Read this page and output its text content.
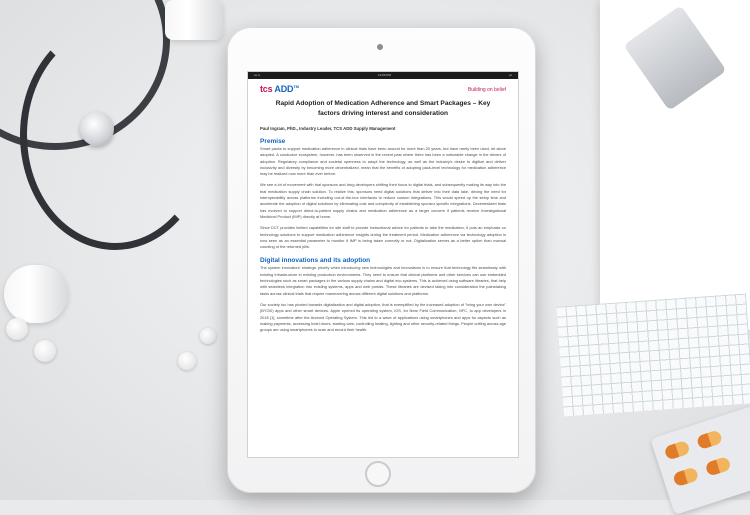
▪▪▪ ▪▪	12:00 PM	▪▪▪
tcs ADD™
Building on belief
Rapid Adoption of Medication Adherence and Smart Packages – Key factors driving interest and consideration
Paul Ingram, PhD., Industry Leader, TCS ADD Supply Management
Premise

Smart packs to support medication adherence in clinical trials have been around for more than 20 years, but have rarely been used, let alone adopted. A conducive ecosystem, however, has been observed in the recent past where there has been a noticeable change in the drivers of adoption. Regulatory compliance and societal openness to adopt the technology, as well as the industry's desire to digitize and deliver inclusivity and diversity by becoming more decentralized, mean that the benefits of adopting pack-level technology for medication adherence may be realized now more than ever before.

We see a lot of movement with trial sponsors and drug developers shifting their focus to digital trials, and subsequently making its way into the trial medication supply chain solution. To realize this, sponsors need digital solutions that deliver into their data lake, driving the need for interoperability across platforms including out-of-the-box interfaces to reduce custom integrations. This would speed up the setup time and accelerate the adoption of digital solutions by eliminating cost and complexity of establishing sponsor specific integrations. Decentralized trials has evolved to support direct-to-patient supply chains and medication adherence as a larger concern if patients receive Investigational Medicinal Product (IMP) directly at home.

Since DCT provides limited capabilities for site staff to provide instructional advice for patients to take the medication, it puts an emphasis on technology solutions to support medication adherence insights during the treatment period. Medication adherence via technology adoption is now seen as an essential parameter to monitor if IMP is being taken correctly or not. Digitalization serves as a better option than manual counting of the returned pills.

Digital innovations and its adoption

The system innovators' strategic priority when introducing new technologies and innovations is to ensure that technology fits seamlessly with existing infrastructure in existing production environments. They need to ensure that clinical platforms and other services can use embedded technologies such as smart packages in the various supply chains and digital eco-systems. This is achieved using software libraries, that help with seamless integration into existing systems, apps and web portals. These libraries are devised taking into consideration the painstaking tasks across clinical trials that require maneuvering across different digital solutions and platforms.

Our society too has pivoted towards digitalization and digital adoption, that is exemplified by the increased adoption of "bring your own device" (BYOD) apps and other smart devices. Apple opened its operating system, iOS, for Near Field Communication, NFC, to app developers in 2018 [1], sometime after the Android Operating System. This led to a wave of applications using smartphones and apps for aspects such as making payments, accessing hotel doors, starting cars, controlling heating, lighting and other security-related things. People cutting across age groups are using smartphones to scan and record their health.
